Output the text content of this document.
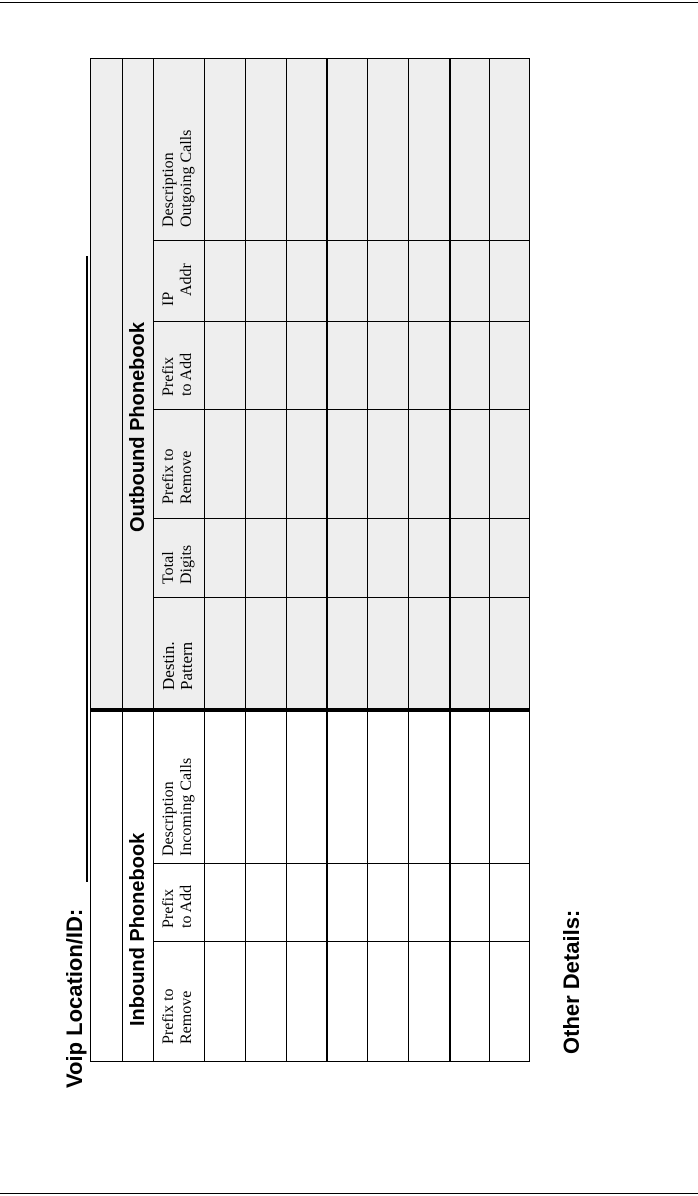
Voip Location/ID: Inbound Phonebook
Outbound Phonebook
Prefix to Remove
Prefix to Add
Description Incoming Calls
Destin. Pattern
Total Digits
Prefix to Remove
Prefix to Add
IP
Addr
Description Outgoing Calls
Other Details:
